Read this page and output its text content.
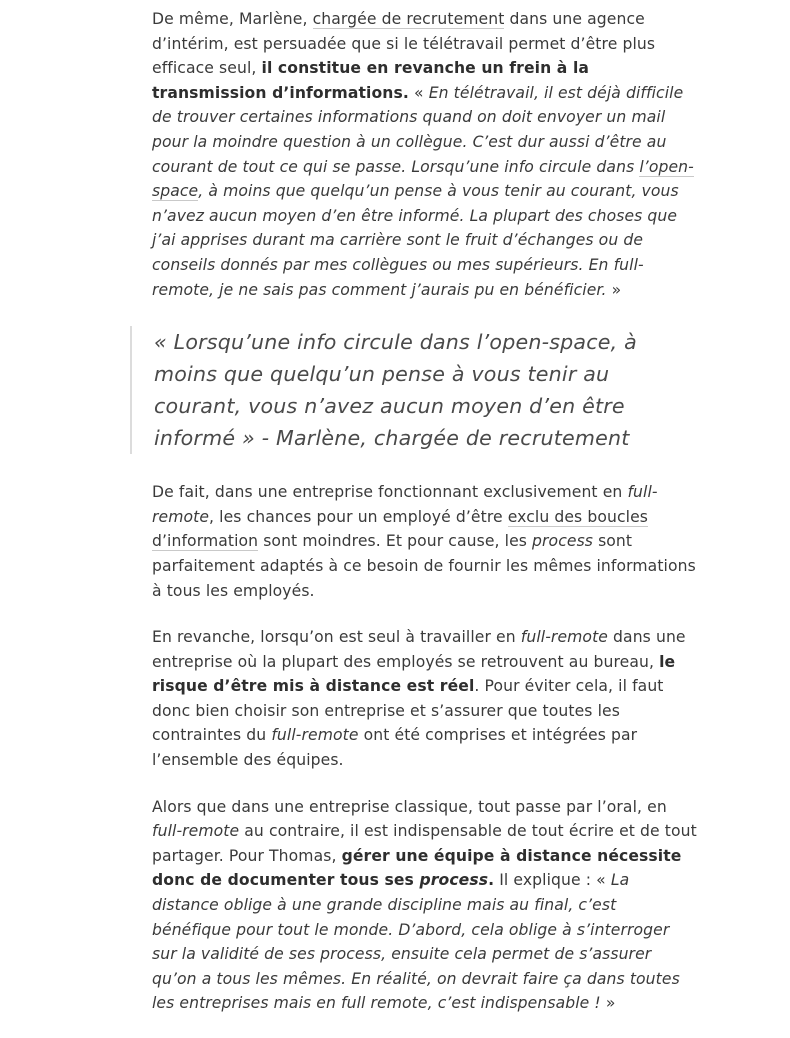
De même, Marlène, chargée de recrutement dans une agence d’intérim, est persuadée que si le télétravail permet d’être plus efficace seul, il constitue en revanche un frein à la transmission d’informations. « En télétravail, il est déjà difficile de trouver certaines informations quand on doit envoyer un mail pour la moindre question à un collègue. C’est dur aussi d’être au courant de tout ce qui se passe. Lorsqu’une info circule dans l’open-space, à moins que quelqu’un pense à vous tenir au courant, vous n’avez aucun moyen d’en être informé. La plupart des choses que j’ai apprises durant ma carrière sont le fruit d’échanges ou de conseils donnés par mes collègues ou mes supérieurs. En full-remote, je ne sais pas comment j’aurais pu en bénéficier. »

« Lorsqu’une info circule dans l’open-space, à moins que quelqu’un pense à vous tenir au courant, vous n’avez aucun moyen d’en être informé » - Marlène, chargée de recrutement

De fait, dans une entreprise fonctionnant exclusivement en full-remote, les chances pour un employé d’être exclu des boucles d’information sont moindres. Et pour cause, les process sont parfaitement adaptés à ce besoin de fournir les mêmes informations à tous les employés.

En revanche, lorsqu’on est seul à travailler en full-remote dans une entreprise où la plupart des employés se retrouvent au bureau, le risque d’être mis à distance est réel. Pour éviter cela, il faut donc bien choisir son entreprise et s’assurer que toutes les contraintes du full-remote ont été comprises et intégrées par l’ensemble des équipes.

Alors que dans une entreprise classique, tout passe par l’oral, en full-remote au contraire, il est indispensable de tout écrire et de tout partager. Pour Thomas, gérer une équipe à distance nécessite donc de documenter tous ses process. Il explique : « La distance oblige à une grande discipline mais au final, c’est bénéfique pour tout le monde. D’abord, cela oblige à s’interroger sur la validité de ses process, ensuite cela permet de s’assurer qu’on a tous les mêmes. En réalité, on devrait faire ça dans toutes les entreprises mais en full remote, c’est indispensable ! »
